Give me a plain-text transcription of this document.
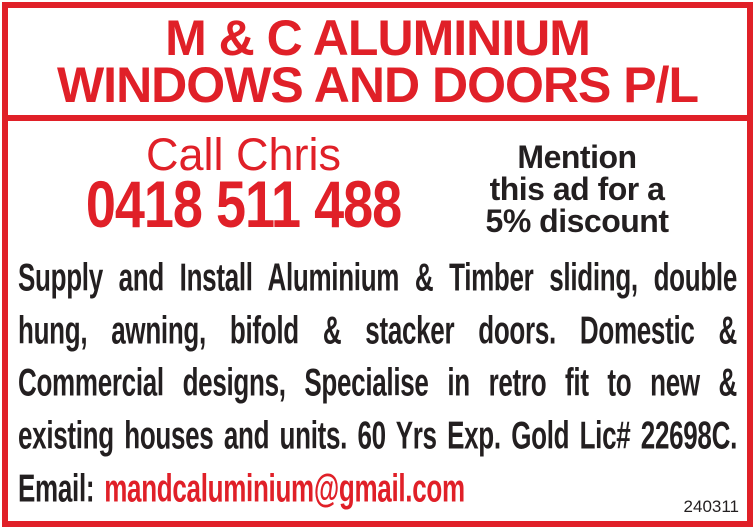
M & C ALUMINIUM
WINDOWS AND DOORS P/L
Call Chris
0418 511 488
Mention
this ad for a
5% discount
Supply and Install Aluminium & Timber sliding, double
hung, awning, bifold & stacker doors. Domestic &
Commercial designs, Specialise in retro fit to new &
existing houses and units. 60 Yrs Exp. Gold Lic# 22698C.
Email: mandcaluminium@gmail.com	240311
